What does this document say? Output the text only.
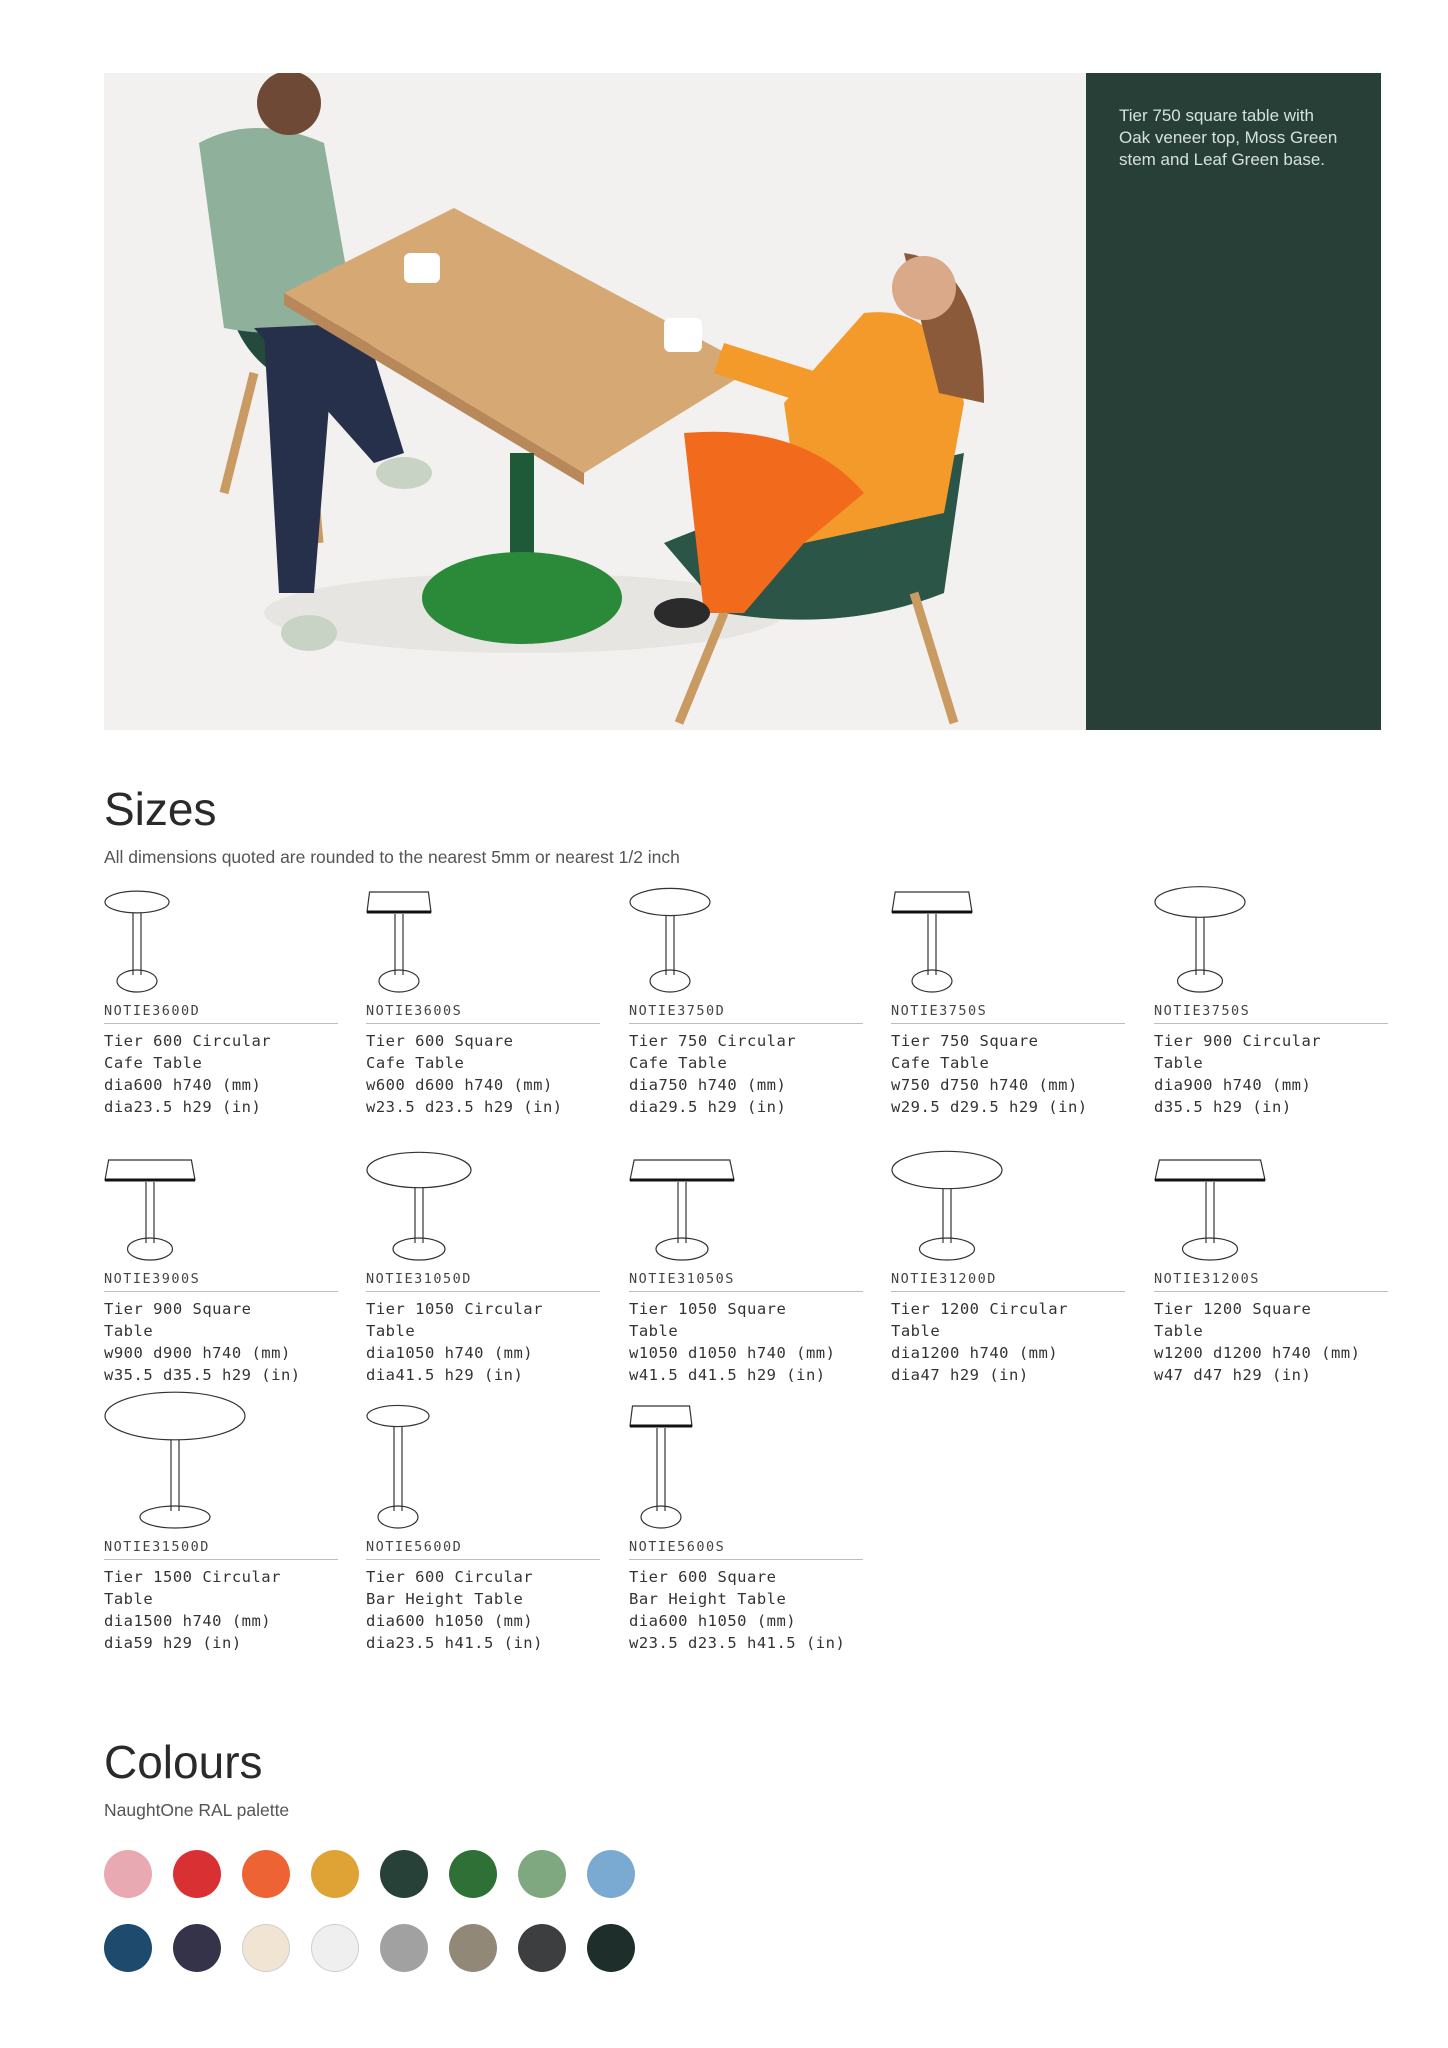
Tier 750 square table with Oak veneer top, Moss Green stem and Leaf Green base.
Sizes
All dimensions quoted are rounded to the nearest 5mm or nearest 1/2 inch
NOTIE3600D
Tier 600 Circular
Cafe Table
dia600 h740 (mm)
dia23.5 h29 (in)
NOTIE3600S
Tier 600 Square
Cafe Table
w600 d600 h740 (mm)
w23.5 d23.5 h29 (in)
NOTIE3750D
Tier 750 Circular
Cafe Table
dia750 h740 (mm)
dia29.5 h29 (in)
NOTIE3750S
Tier 750 Square
Cafe Table
w750 d750 h740 (mm)
w29.5 d29.5 h29 (in)
NOTIE3750S
Tier 900 Circular
Table
dia900 h740 (mm)
d35.5 h29 (in)
NOTIE3900S
Tier 900 Square
Table
w900 d900 h740 (mm)
w35.5 d35.5 h29 (in)
NOTIE31050D
Tier 1050 Circular
Table
dia1050 h740 (mm)
dia41.5 h29 (in)
NOTIE31050S
Tier 1050 Square
Table
w1050 d1050 h740 (mm)
w41.5 d41.5 h29 (in)
NOTIE31200D
Tier 1200 Circular
Table
dia1200 h740 (mm)
dia47 h29 (in)
NOTIE31200S
Tier 1200 Square
Table
w1200 d1200 h740 (mm)
w47 d47 h29 (in)
NOTIE31500D
Tier 1500 Circular
Table
dia1500 h740 (mm)
dia59 h29 (in)
NOTIE5600D
Tier 600 Circular
Bar Height Table
dia600 h1050 (mm)
dia23.5 h41.5 (in)
NOTIE5600S
Tier 600 Square
Bar Height Table
dia600 h1050 (mm)
w23.5 d23.5 h41.5 (in)
Colours
NaughtOne RAL palette
